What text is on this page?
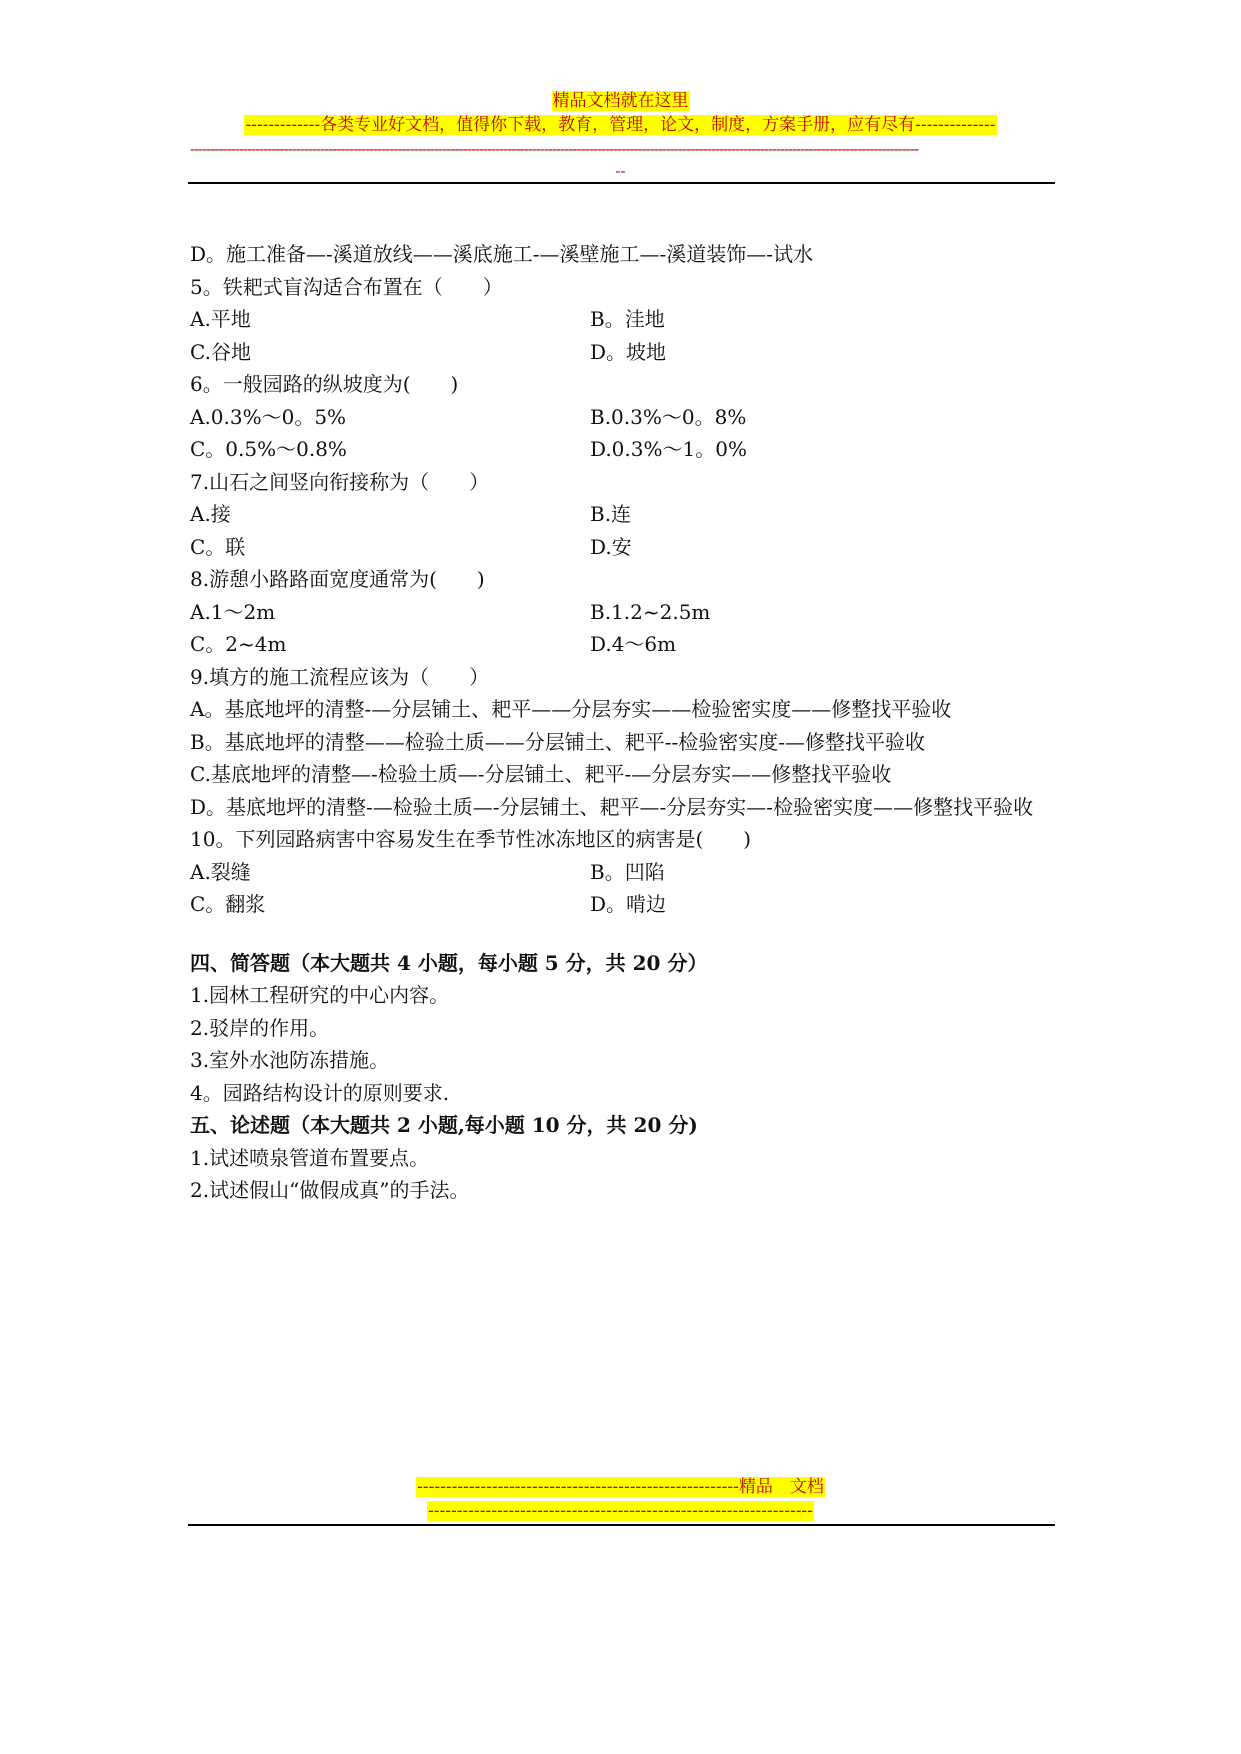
精品文档就在这里
-------------各类专业好文档，值得你下载，教育，管理，论文，制度，方案手册，应有尽有--------------
-----------------------------------------------------------------------------------------------------------------------------------------------------------------------------------
--
D。施工准备—-溪道放线——溪底施工-—溪壁施工—-溪道装饰—-试水
5。铁耙式盲沟适合布置在（　　）
A.平地	B。洼地
C.谷地	D。坡地
6。一般园路的纵坡度为(　　)
A.0.3%～0。5%	B.0.3%～0。8%
C。0.5%～0.8%	D.0.3%～1。0%
7.山石之间竖向衔接称为（　　）
A.接	B.连
C。联	D.安
8.游憩小路路面宽度通常为(　　)
A.1～2m	B.1.2~2.5m
C。2~4m	D.4～6m
9.填方的施工流程应该为（　　）
A。基底地坪的清整-—分层铺土、耙平——分层夯实——检验密实度——修整找平验收
B。基底地坪的清整——检验土质——分层铺土、耙平--检验密实度-—修整找平验收
C.基底地坪的清整—-检验土质—-分层铺土、耙平-—分层夯实——修整找平验收
D。基底地坪的清整-—检验土质—-分层铺土、耙平—-分层夯实—-检验密实度——修整找平验收
10。下列园路病害中容易发生在季节性冰冻地区的病害是(　　)
A.裂缝	B。凹陷
C。翻浆	D。啃边
四、简答题（本大题共 4 小题，每小题 5 分，共 20 分）
1.园林工程研究的中心内容。
2.驳岸的作用。
3.室外水池防冻措施。
4。园路结构设计的原则要求.
五、论述题（本大题共 2 小题,每小题 10 分，共 20 分)
1.试述喷泉管道布置要点。
2.试述假山“做假成真”的手法。
--------------------------------------------------------精品　文档
-------------------------------------------------------------------
